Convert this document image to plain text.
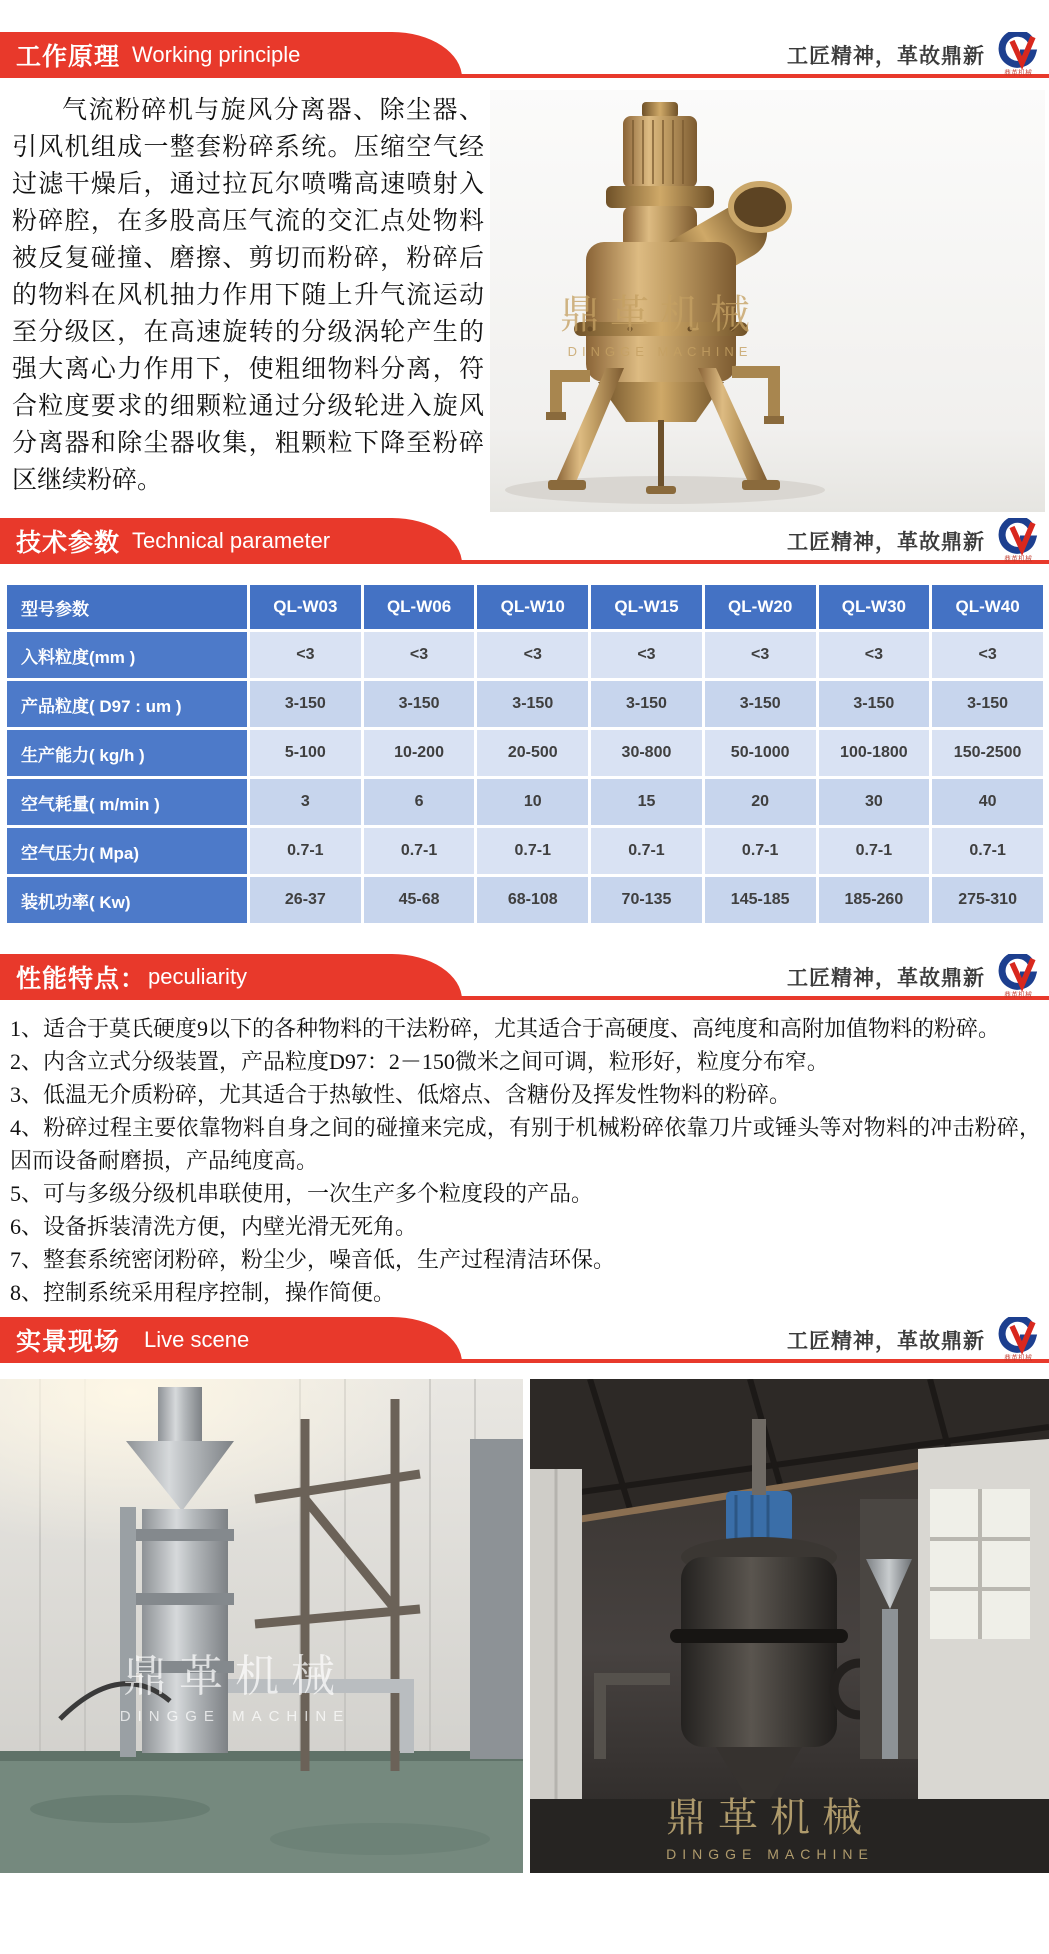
工作原理 Working principle	工匠精神，革故鼎新
鼎革机械

气流粉碎机与旋风分离器、除尘器、引风机组成一整套粉碎系统。压缩空气经过滤干燥后，通过拉瓦尔喷嘴高速喷射入粉碎腔，在多股高压气流的交汇点处物料被反复碰撞、磨擦、剪切而粉碎，粉碎后的物料在风机抽力作用下随上升气流运动至分级区，在高速旋转的分级涡轮产生的强大离心力作用下，使粗细物料分离，符合粒度要求的细颗粒通过分级轮进入旋风分离器和除尘器收集，粗颗粒下降至粉碎区继续粉碎。

鼎革机械
DINGGE MACHINE
技术参数 Technical parameter	工匠精神，革故鼎新
鼎革机械
型号参数	QL-W03	QL-W06	QL-W10	QL-W15	QL-W20	QL-W30	QL-W40
入料粒度(mm )	<3	<3	<3	<3	<3	<3	<3
产品粒度( D97 : um )	3-150	3-150	3-150	3-150	3-150	3-150	3-150
生产能力( kg/h )	5-100	10-200	20-500	30-800	50-1000	100-1800	150-2500
空气耗量( m/min )	3	6	10	15	20	30	40
空气压力( Mpa)	0.7-1	0.7-1	0.7-1	0.7-1	0.7-1	0.7-1	0.7-1
装机功率( Kw)	26-37	45-68	68-108	70-135	145-185	185-260	275-310
性能特点： peculiarity	工匠精神，革故鼎新
鼎革机械
1、适合于莫氏硬度9以下的各种物料的干法粉碎，尤其适合于高硬度、高纯度和高附加值物料的粉碎。
2、内含立式分级装置，产品粒度D97：2－150微米之间可调，粒形好，粒度分布窄。
3、低温无介质粉碎，尤其适合于热敏性、低熔点、含糖份及挥发性物料的粉碎。
4、粉碎过程主要依靠物料自身之间的碰撞来完成，有别于机械粉碎依靠刀片或锤头等对物料的冲击粉碎，因而设备耐磨损，产品纯度高。
5、可与多级分级机串联使用，一次生产多个粒度段的产品。
6、设备拆装清洗方便，内壁光滑无死角。
7、整套系统密闭粉碎，粉尘少，噪音低，生产过程清洁环保。
8、控制系统采用程序控制，操作简便。
实景现场 Live scene	工匠精神，革故鼎新
鼎革机械
鼎革机械
DINGGE MACHINE
鼎革机械
DINGGE MACHINE
